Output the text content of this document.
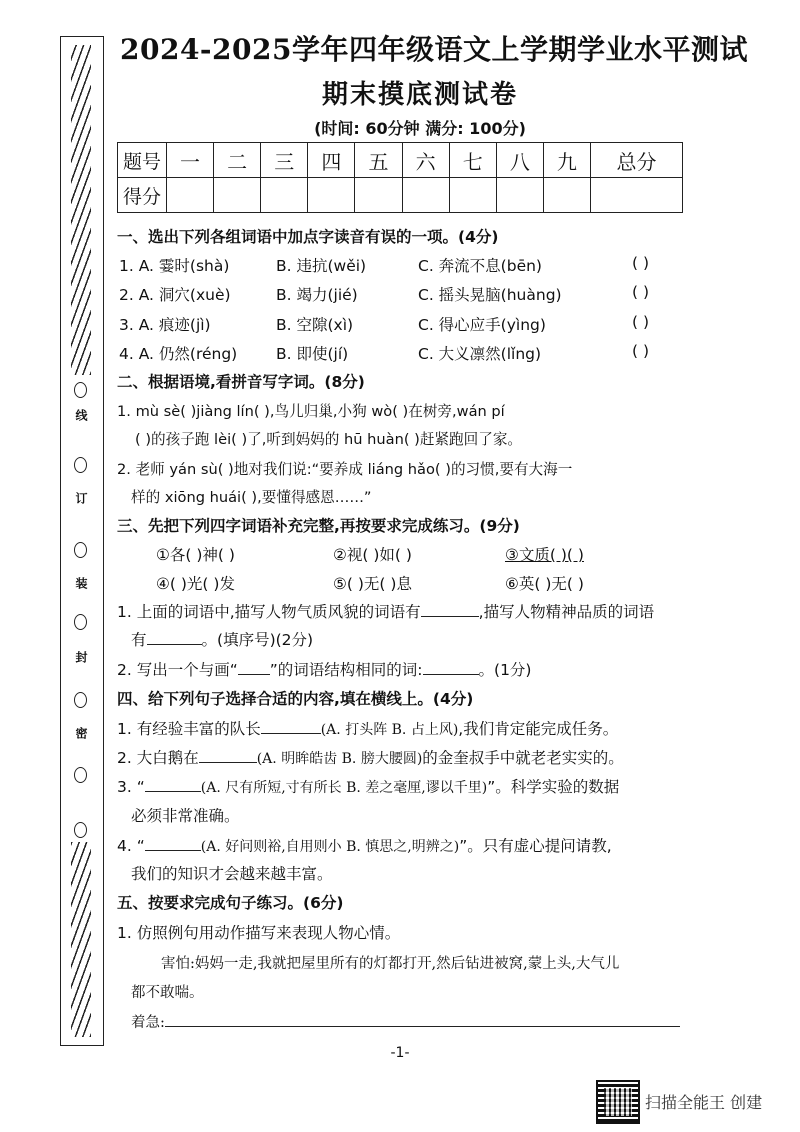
线
订
装
封
密
2024-2025学年四年级语文上学期学业水平测试
期末摸底测试卷
(时间: 60分钟 满分: 100分)
题号	一	二	三	四	五	六	七	八	九	总分
得分										
一、选出下列各组词语中加点字读音有误的一项。(4分)
1. A. 霎时(shà)	B. 违抗(wěi)	C. 奔流不息(bēn)	( )
2. A. 洞穴(xuè)	B. 竭力(jié)	C. 摇头晃脑(huàng)	( )
3. A. 痕迹(jì)	B. 空隙(xì)	C. 得心应手(yìng)	( )
4. A. 仍然(réng)	B. 即使(jí)	C. 大义凛然(lǐng)	( )
二、根据语境,看拼音写字词。(8分)
1. mù sè( )jiàng lín( ),鸟儿归巢,小狗 wò( )在树旁,wán pí
( )的孩子跑 lèi( )了,听到妈妈的 hū huàn( )赶紧跑回了家。
2. 老师 yán sù( )地对我们说:“要养成 liáng hǎo( )的习惯,要有大海一
样的 xiōng huái( ),要懂得感恩……”
三、先把下列四字词语补充完整,再按要求完成练习。(9分)
①各( )神( )	②视( )如( )	③文质( )( )
④( )光( )发	⑤( )无( )息	⑥英( )无( )
1. 上面的词语中,描写人物气质风貌的词语有	,描写人物精神品质的词语
有	。(填序号)(2分)
2. 写出一个与画“ ”的词语结构相同的词:	。(1分)
四、给下列句子选择合适的内容,填在横线上。(4分)
1. 有经验丰富的队长	(A. 打头阵 B. 占上风),我们肯定能完成任务。
2. 大白鹅在	(A. 明眸皓齿 B. 膀大腰圆)的金奎叔手中就老老实实的。
3. “	(A. 尺有所短,寸有所长 B. 差之毫厘,谬以千里)”。科学实验的数据
必须非常准确。
4. “	(A. 好问则裕,自用则小 B. 慎思之,明辨之)”。只有虚心提问请教,
我们的知识才会越来越丰富。
五、按要求完成句子练习。(6分)
1. 仿照例句用动作描写来表现人物心情。
害怕:妈妈一走,我就把屋里所有的灯都打开,然后钻进被窝,蒙上头,大气儿
都不敢喘。
着急:
-1-
扫描全能王 创建
